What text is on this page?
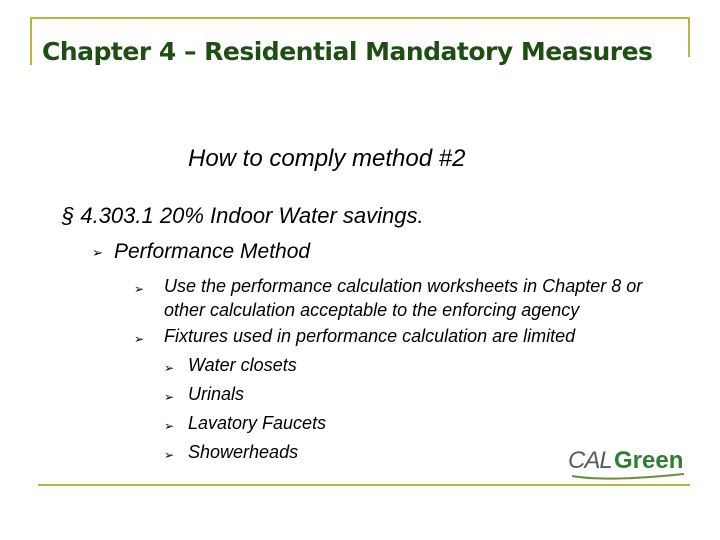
Chapter 4 – Residential Mandatory Measures

How to comply method #2

§ 4.303.1 20% Indoor Water savings.

➢ Performance Method
➢ Use the performance calculation worksheets in Chapter 8 or other calculation acceptable to the enforcing agency
➢ Fixtures used in performance calculation are limited
➢ Water closets
➢ Urinals
➢ Lavatory Faucets
➢ Showerheads	CAL Green
